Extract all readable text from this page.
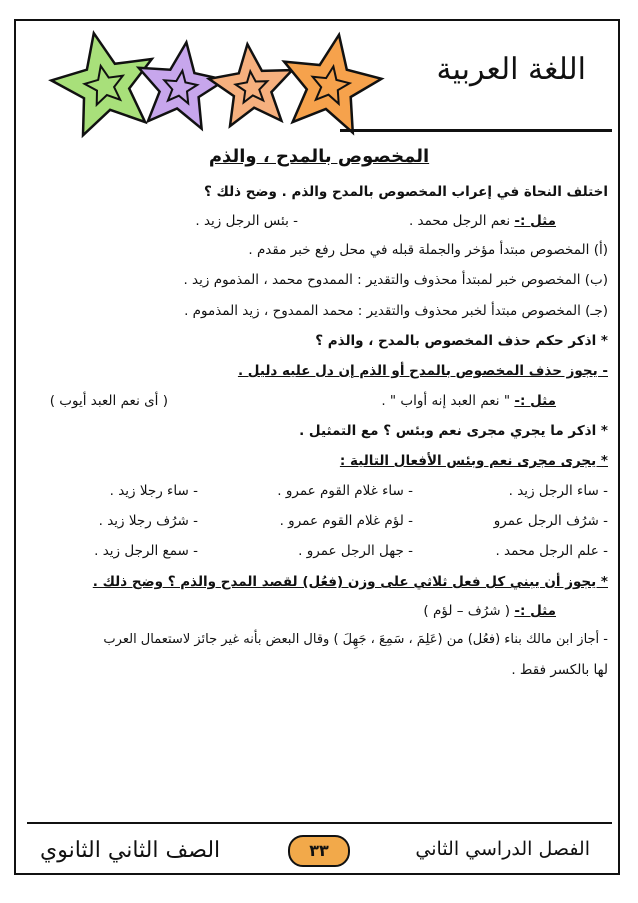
اللغة العربية
المخصوص بالمدح ، والذم
اختلف النحاة في إعراب المخصوص بالمدح والذم . وضح ذلك ؟
مثل :- نعم الرجل محمد .
- بئس الرجل زيد .
(أ) المخصوص مبتدأ مؤخر والجملة قبله في محل رفع خبر مقدم .
(ب) المخصوص خبر لمبتدأ محذوف والتقدير : الممدوح محمد ، المذموم زيد .
(جـ) المخصوص مبتدأ لخبر محذوف والتقدير : محمد الممدوح ، زيد المذموم .
* اذكر حكم حذف المخصوص بالمدح ، والذم ؟
- يجوز حذف المخصوص بالمدح أو الذم إن دل عليه دليل .
مثل :- " نعم العبد إنه أواب " .
( أى نعم العبد أيوب )
* اذكر ما يجري مجرى نعم وبئس ؟ مع التمثيل .
* يجرى مجرى نعم وبئس الأفعال التالية :
- ساء الرجل زيد .
- ساء غلام القوم عمرو .
- ساء رجلا زيد .
- شرُف الرجل عمرو
- لؤم غلام القوم عمرو .
- شرُف رجلا زيد .
- علم الرجل محمد .
- جهل الرجل عمرو .
- سمع الرجل زيد .
* يجوز أن يبني كل فعل ثلاثي على وزن (فعُل) لقصد المدح والذم ؟ وضح ذلك .
مثل :- ( شرُف – لؤم )
- أجاز ابن مالك بناء (فعُل) من (عَلِمَ ، سَمِعَ ، جَهِلَ ) وقال البعض بأنه غير جائز لاستعمال العرب
لها بالكسر فقط .
الصف الثاني الثانوي	٣٣	الفصل الدراسي الثاني
